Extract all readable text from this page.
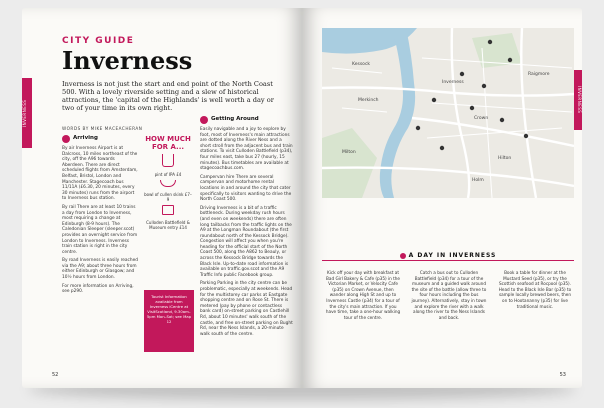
INVERNESS
CITY GUIDE
Inverness
Inverness is not just the start and end point of the North Coast 500. With a lovely riverside setting and a slew of historical attractions, the 'capital of the Highlands' is well worth a day or two of your time in its own right.
WORDS BY MIKE MACEACHERAN
Arriving

By air Inverness Airport is at Dalcross, 10 miles northeast of the city, off the A96 towards Aberdeen. There are direct scheduled flights from Amsterdam, Belfast, Bristol, London and Manchester. Stagecoach bus 11/11A (£6.30, 20 minutes, every 30 minutes) runs from the airport to Inverness bus station.

By rail There are at least 10 trains a day from London to Inverness, most requiring a change at Edinburgh (8-9 hours). The Caledonian Sleeper (sleeper.scot) provides an overnight service from London to Inverness. Inverness train station is right in the city centre.

By road Inverness is easily reached via the A9; about three hours from either Edinburgh or Glasgow; and 10½ hours from London.

For more information on Arriving, see p290.

HOW MUCH FOR A...
pint of IPA £4
bowl of cullen skink £7–9
Culloden Battlefield & Museum entry £14
Tourist Information available from Inverness iCentre at VisitScotland, 9.30am–5pm Mon–Sat; see Map 12
Getting Around

Easily navigable and a joy to explore by foot, most of Inverness's main attractions are dotted along the River Ness and a short stroll from the adjacent bus and train stations. To visit Culloden Battlefield (p34), four miles east, take bus 27 (hourly, 15 minutes). Bus timetables are available at stagecoachbus.com.

Campervan hire There are several campervan and motorhome rental locations in and around the city that cater specifically to visitors wanting to drive the North Coast 500.

Driving Inverness is a bit of a traffic bottleneck. During weekday rush hours (and even on weekends) there are often long tailbacks from the traffic lights on the A9 at the Longman Roundabout (the first roundabout north of the Kessock Bridge). Congestion will affect you when you're heading for the official start of the North Coast 500, along the A862 to Beauly, or across the Kessock Bridge towards the Black Isle. Up-to-date road information is available on traffic.gov.scot and the A9 Traffic Info public Facebook group.

Parking Parking in the city centre can be problematic, especially at weekends. Head for the multistorey car parks at Eastgate shopping centre and on Rose St. There is metered (pay by phone or contactless bank card) on-street parking on Castlehill Rd, about 10 minutes' walk south of the castle, and free on-street parking on Bught Rd, near the Ness Islands, a 20-minute walk south of the centre.

52
INVERNESS
Inverness
Kessock
Merkinch
Crown
Raigmore
Hilton
Holm
Milton
A DAY IN INVERNESS
Kick off your day with breakfast at Bad Girl Bakery & Cafe (p35) in the Victorian Market, or Velocity Cafe (p35) on Crown Avenue, then wander along High St and up to Inverness Castle (p34) for a tour of the city's main attraction. If you have time, take a one-hour walking tour of the centre.
Catch a bus out to Culloden Battlefield (p34) for a tour of the museum and a guided walk around the site of the battle (allow three to four hours including the bus journey). Alternatively, stay in town and explore the river with a walk along the river to the Ness Islands and back.
Book a table for dinner at the Mustard Seed (p35), or try the Scottish seafood at Rocpool (p35). Head to the Black Isle Bar (p35) to sample locally brewed beers, then on to Hootananny (p35) for live traditional music.
53
